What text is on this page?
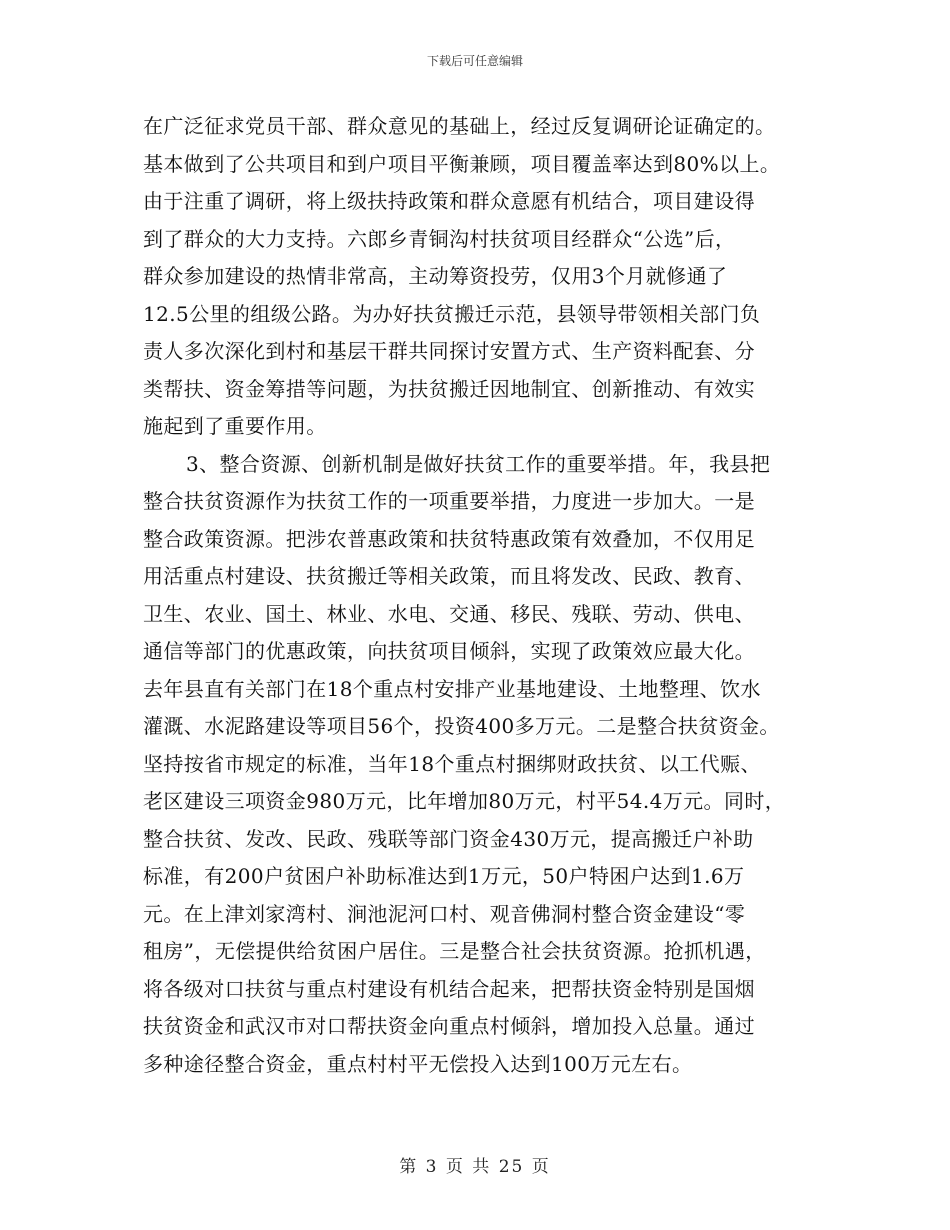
下载后可任意编辑
在广泛征求党员干部、群众意见的基础上，经过反复调研论证确定的。
基本做到了公共项目和到户项目平衡兼顾，项目覆盖率达到80%以上。
由于注重了调研，将上级扶持政策和群众意愿有机结合，项目建设得
到了群众的大力支持。六郎乡青铜沟村扶贫项目经群众“公选”后，
群众参加建设的热情非常高，主动筹资投劳，仅用3个月就修通了
12.5公里的组级公路。为办好扶贫搬迁示范，县领导带领相关部门负
责人多次深化到村和基层干群共同探讨安置方式、生产资料配套、分
类帮扶、资金筹措等问题，为扶贫搬迁因地制宜、创新推动、有效实
施起到了重要作用。
3、整合资源、创新机制是做好扶贫工作的重要举措。年，我县把
整合扶贫资源作为扶贫工作的一项重要举措，力度进一步加大。一是
整合政策资源。把涉农普惠政策和扶贫特惠政策有效叠加，不仅用足
用活重点村建设、扶贫搬迁等相关政策，而且将发改、民政、教育、
卫生、农业、国土、林业、水电、交通、移民、残联、劳动、供电、
通信等部门的优惠政策，向扶贫项目倾斜，实现了政策效应最大化。
去年县直有关部门在18个重点村安排产业基地建设、土地整理、饮水
灌溉、水泥路建设等项目56个，投资400多万元。二是整合扶贫资金。
坚持按省市规定的标准，当年18个重点村捆绑财政扶贫、以工代赈、
老区建设三项资金980万元，比年增加80万元，村平54.4万元。同时，
整合扶贫、发改、民政、残联等部门资金430万元，提高搬迁户补助
标准，有200户贫困户补助标准达到1万元，50户特困户达到1.6万
元。在上津刘家湾村、涧池泥河口村、观音佛洞村整合资金建设“零
租房”，无偿提供给贫困户居住。三是整合社会扶贫资源。抢抓机遇，
将各级对口扶贫与重点村建设有机结合起来，把帮扶资金特别是国烟
扶贫资金和武汉市对口帮扶资金向重点村倾斜，增加投入总量。通过
多种途径整合资金，重点村村平无偿投入达到100万元左右。
第 3 页 共 25 页
